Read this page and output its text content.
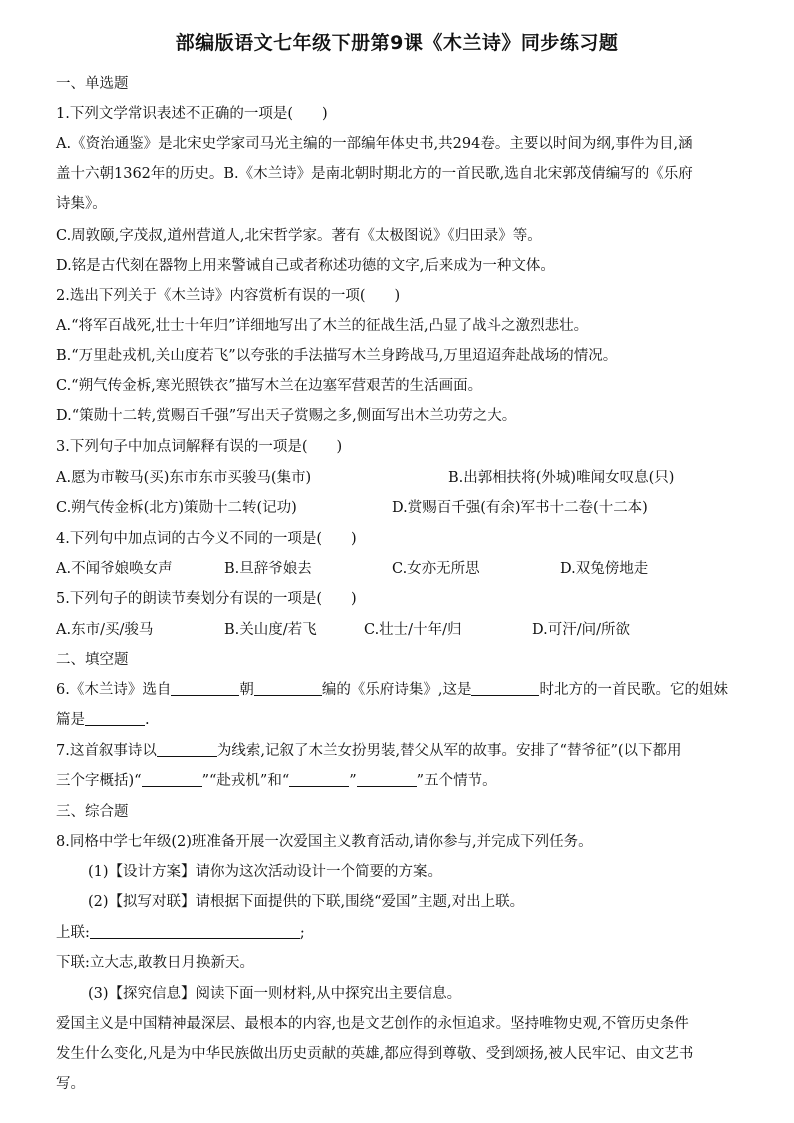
部编版语文七年级下册第9课《木兰诗》同步练习题
一、单选题
1.下列文学常识表述不正确的一项是(　　)
A.《资治通鉴》是北宋史学家司马光主编的一部编年体史书,共294卷。主要以时间为纲,事件为目,涵
盖十六朝1362年的历史。B.《木兰诗》是南北朝时期北方的一首民歌,选自北宋郭茂倩编写的《乐府
诗集》。
C.周敦颐,字茂叔,道州营道人,北宋哲学家。著有《太极图说》《归田录》等。
D.铭是古代刻在器物上用来警诫自己或者称述功德的文字,后来成为一种文体。
2.选出下列关于《木兰诗》内容赏析有误的一项(　　)
A.“将军百战死,壮士十年归”详细地写出了木兰的征战生活,凸显了战斗之激烈悲壮。
B.“万里赴戎机,关山度若飞”以夸张的手法描写木兰身跨战马,万里迢迢奔赴战场的情况。
C.“朔气传金柝,寒光照铁衣”描写木兰在边塞军营艰苦的生活画面。
D.“策勋十二转,赏赐百千强”写出天子赏赐之多,侧面写出木兰功劳之大。
3.下列句子中加点词解释有误的一项是(　　)
A.愿为市鞍马(买)东市东市买骏马(集市)	B.出郭相扶将(外城)唯闻女叹息(只)
C.朔气传金柝(北方)策勋十二转(记功)	D.赏赐百千强(有余)军书十二卷(十二本)
4.下列句中加点词的古今义不同的一项是(　　)
A.不闻爷娘唤女声	B.旦辞爷娘去	C.女亦无所思	D.双兔傍地走
5.下列句子的朗读节奏划分有误的一项是(　　)
A.东市/买/骏马	B.关山度/若飞	C.壮士/十年/归	D.可汗/问/所欲
二、填空题
6.《木兰诗》选自	朝	编的《乐府诗集》,这是	时北方的一首民歌。它的姐妹
篇是	.
7.这首叙事诗以	为线索,记叙了木兰女扮男装,替父从军的故事。安排了“替爷征”(以下都用
三个字概括)“	”“赴戎机”和“	”	”五个情节。
三、综合题
8.同格中学七年级(2)班准备开展一次爱国主义教育活动,请你参与,并完成下列任务。
(1)【设计方案】请你为这次活动设计一个简要的方案。
(2)【拟写对联】请根据下面提供的下联,围绕“爱国”主题,对出上联。
上联:	;
下联:立大志,敢教日月换新天。
(3)【探究信息】阅读下面一则材料,从中探究出主要信息。
爱国主义是中国精神最深层、最根本的内容,也是文艺创作的永恒追求。坚持唯物史观,不管历史条件
发生什么变化,凡是为中华民族做出历史贡献的英雄,都应得到尊敬、受到颂扬,被人民牢记、由文艺书
写。
